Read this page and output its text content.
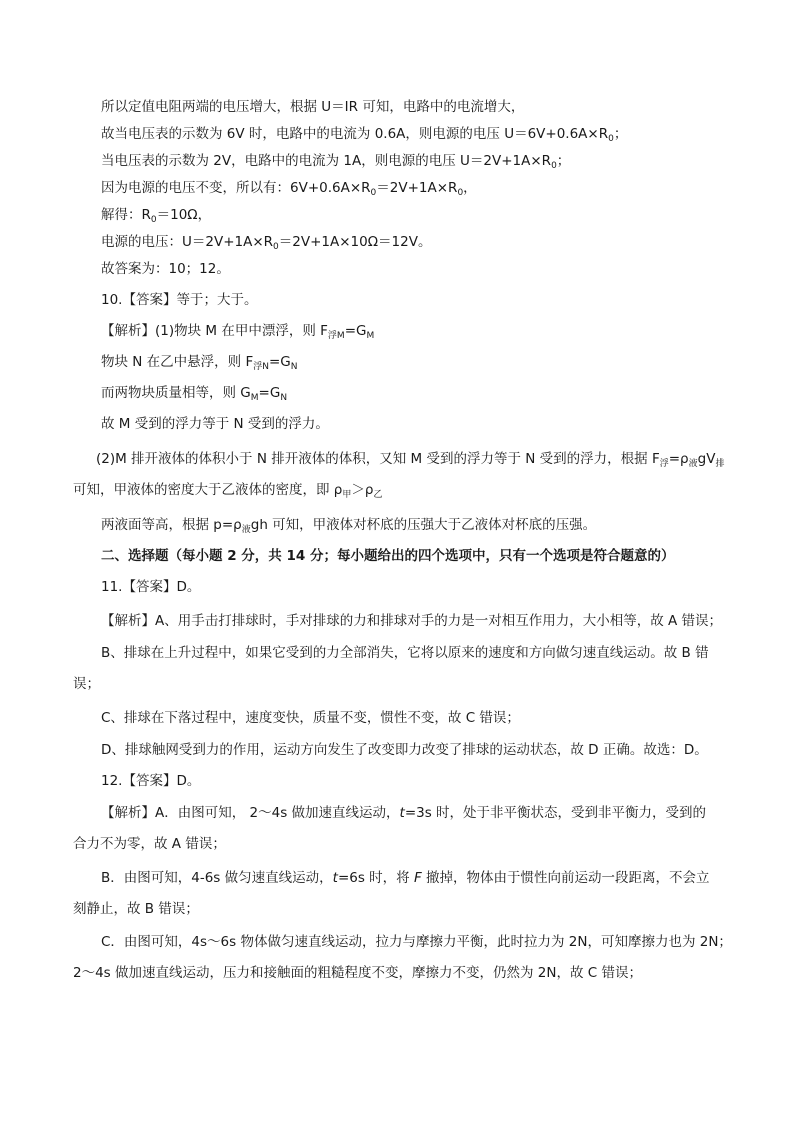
所以定值电阻两端的电压增大，根据 U＝IR 可知，电路中的电流增大，
故当电压表的示数为 6V 时，电路中的电流为 0.6A，则电源的电压 $U=6V+0.6A\times R_0$；
当电压表的示数为 2V，电路中的电流为 1A，则电源的电压 $U=2V+1A\times R_0$；
因为电源的电压不变，所以有：$6V+0.6A\times R_0=2V+1A\times R_0$，
解得：$R_0=10\Omega$，
电源的电压：$U=2V+1A\times R_0=2V+1A\times 10\Omega=12V$。
故答案为：10；12。
10.【答案】等于；大于。
【解析】(1)物块 M 在甲中漂浮，则 $F_{浮M}=G_M$
物块 N 在乙中悬浮，则 $F_{浮N}=G_N$
而两物块质量相等，则 $G_M=G_N$
故 M 受到的浮力等于 N 受到的浮力。
(2)M 排开液体的体积小于 N 排开液体的体积，又知 M 受到的浮力等于 N 受到的浮力，根据 $F_浮=\rho_液gV_排$
可知，甲液体的密度大于乙液体的密度，即 $\rho_甲>\rho_乙$
两液面等高，根据 $p=\rho_液gh$ 可知，甲液体对杯底的压强大于乙液体对杯底的压强。
二、选择题（每小题 2 分，共 14 分；每小题给出的四个选项中，只有一个选项是符合题意的）
11.【答案】D。
【解析】A、用手击打排球时，手对排球的力和排球对手的力是一对相互作用力，大小相等，故 A 错误；
B、排球在上升过程中，如果它受到的力全部消失，它将以原来的速度和方向做匀速直线运动。故 B 错
误；
C、排球在下落过程中，速度变快，质量不变，惯性不变，故 C 错误；
D、排球触网受到力的作用，运动方向发生了改变即力改变了排球的运动状态，故 D 正确。故选：D。
12.【答案】D。
【解析】A．由图可知， 2～4s 做加速直线运动，t=3s 时，处于非平衡状态，受到非平衡力，受到的
合力不为零，故 A 错误；
B．由图可知，4-6s 做匀速直线运动，t=6s 时，将 F 撤掉，物体由于惯性向前运动一段距离，不会立
刻静止，故 B 错误；
C．由图可知，4s～6s 物体做匀速直线运动，拉力与摩擦力平衡，此时拉力为 2N，可知摩擦力也为 2N；
2～4s 做加速直线运动，压力和接触面的粗糙程度不变，摩擦力不变，仍然为 2N，故 C 错误；
